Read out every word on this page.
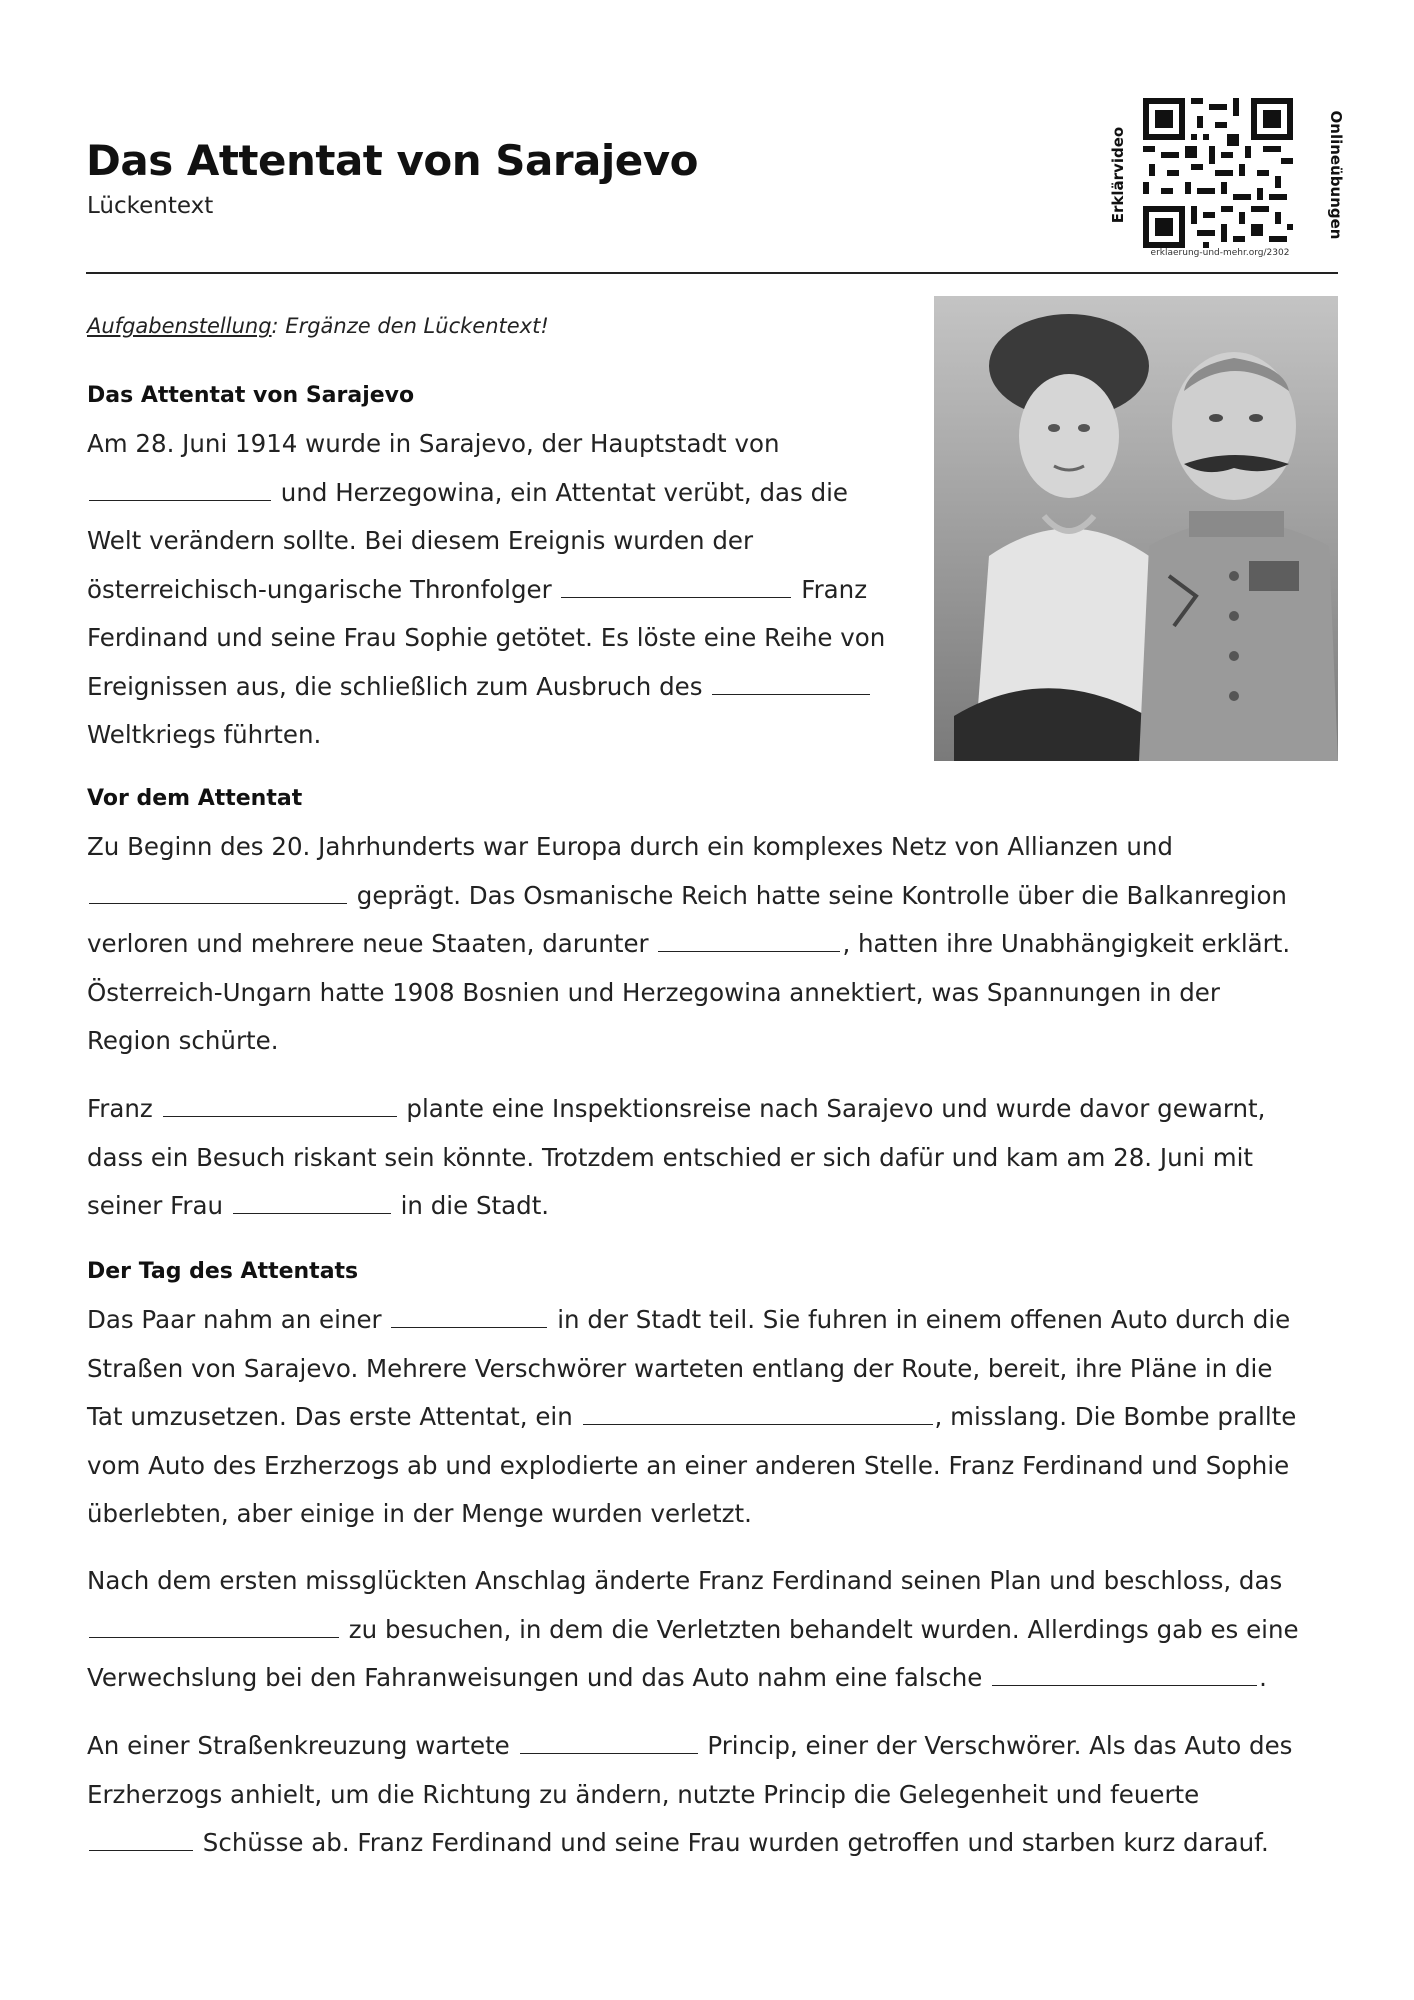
Das Attentat von Sarajevo
Lückentext	Erklärvideo	Onlineübungen
erklaerung-und-mehr.org/2302
Aufgabenstellung: Ergänze den Lückentext!
Das Attentat von Sarajevo
Am 28. Juni 1914 wurde in Sarajevo, der Hauptstadt von
und Herzegowina, ein Attentat verübt, das die
Welt verändern sollte. Bei diesem Ereignis wurden der
österreichisch-ungarische Thronfolger	Franz
Ferdinand und seine Frau Sophie getötet. Es löste eine Reihe von
Ereignissen aus, die schließlich zum Ausbruch des
Weltkriegs führten.
Vor dem Attentat
Zu Beginn des 20. Jahrhunderts war Europa durch ein komplexes Netz von Allianzen und
geprägt. Das Osmanische Reich hatte seine Kontrolle über die Balkanregion
verloren und mehrere neue Staaten, darunter	, hatten ihre Unabhängigkeit erklärt.
Österreich-Ungarn hatte 1908 Bosnien und Herzegowina annektiert, was Spannungen in der
Region schürte.
Franz	plante eine Inspektionsreise nach Sarajevo und wurde davor gewarnt,
dass ein Besuch riskant sein könnte. Trotzdem entschied er sich dafür und kam am 28. Juni mit
seiner Frau	in die Stadt.
Der Tag des Attentats
Das Paar nahm an einer	in der Stadt teil. Sie fuhren in einem offenen Auto durch die
Straßen von Sarajevo. Mehrere Verschwörer warteten entlang der Route, bereit, ihre Pläne in die
Tat umzusetzen. Das erste Attentat, ein	, misslang. Die Bombe prallte
vom Auto des Erzherzogs ab und explodierte an einer anderen Stelle. Franz Ferdinand und Sophie
überlebten, aber einige in der Menge wurden verletzt.
Nach dem ersten missglückten Anschlag änderte Franz Ferdinand seinen Plan und beschloss, das
zu besuchen, in dem die Verletzten behandelt wurden. Allerdings gab es eine
Verwechslung bei den Fahranweisungen und das Auto nahm eine falsche	.
An einer Straßenkreuzung wartete	Princip, einer der Verschwörer. Als das Auto des
Erzherzogs anhielt, um die Richtung zu ändern, nutzte Princip die Gelegenheit und feuerte
Schüsse ab. Franz Ferdinand und seine Frau wurden getroffen und starben kurz darauf.
